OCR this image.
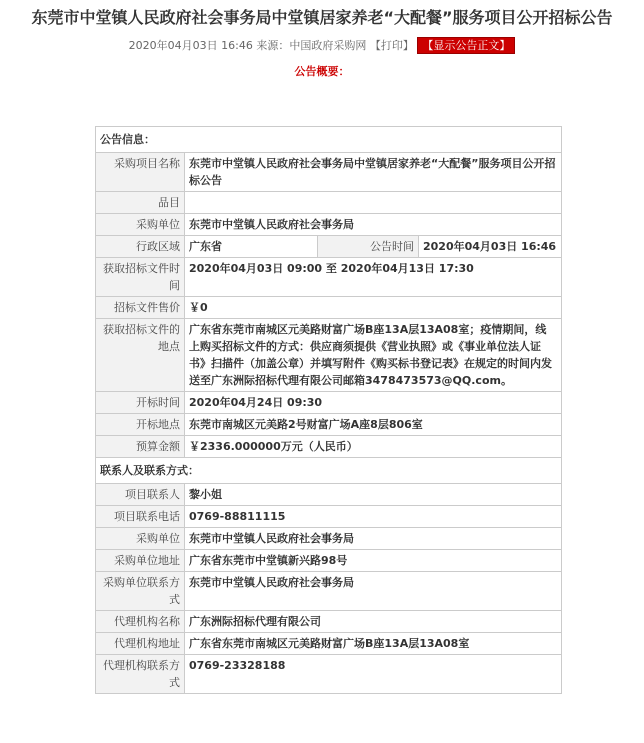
东莞市中堂镇人民政府社会事务局中堂镇居家养老“大配餐”服务项目公开招标公告
2020年04月03日 16:46 来源：中国政府采购网 【打印】 【显示公告正文】
公告概要：
公告信息：			
采购项目名称	东莞市中堂镇人民政府社会事务局中堂镇居家养老“大配餐”服务项目公开招标公告		
品目			
采购单位	东莞市中堂镇人民政府社会事务局		
行政区域	广东省	公告时间	2020年04月03日 16:46
获取招标文件时间	2020年04月03日 09:00 至 2020年04月13日 17:30		
招标文件售价	￥0		
获取招标文件的地点	广东省东莞市南城区元美路财富广场B座13A层13A08室；疫情期间，线上购买招标文件的方式：供应商须提供《营业执照》或《事业单位法人证书》扫描件（加盖公章）并填写附件《购买标书登记表》在规定的时间内发送至广东洲际招标代理有限公司邮箱3478473573@QQ.com。		
开标时间	2020年04月24日 09:30		
开标地点	东莞市南城区元美路2号财富广场A座8层806室		
预算金额	￥2336.000000万元（人民币）		
联系人及联系方式：			
项目联系人	黎小姐		
项目联系电话	0769-88811115		
采购单位	东莞市中堂镇人民政府社会事务局		
采购单位地址	广东省东莞市中堂镇新兴路98号		
采购单位联系方式	东莞市中堂镇人民政府社会事务局		
代理机构名称	广东洲际招标代理有限公司		
代理机构地址	广东省东莞市南城区元美路财富广场B座13A层13A08室		
代理机构联系方式	0769-23328188		
